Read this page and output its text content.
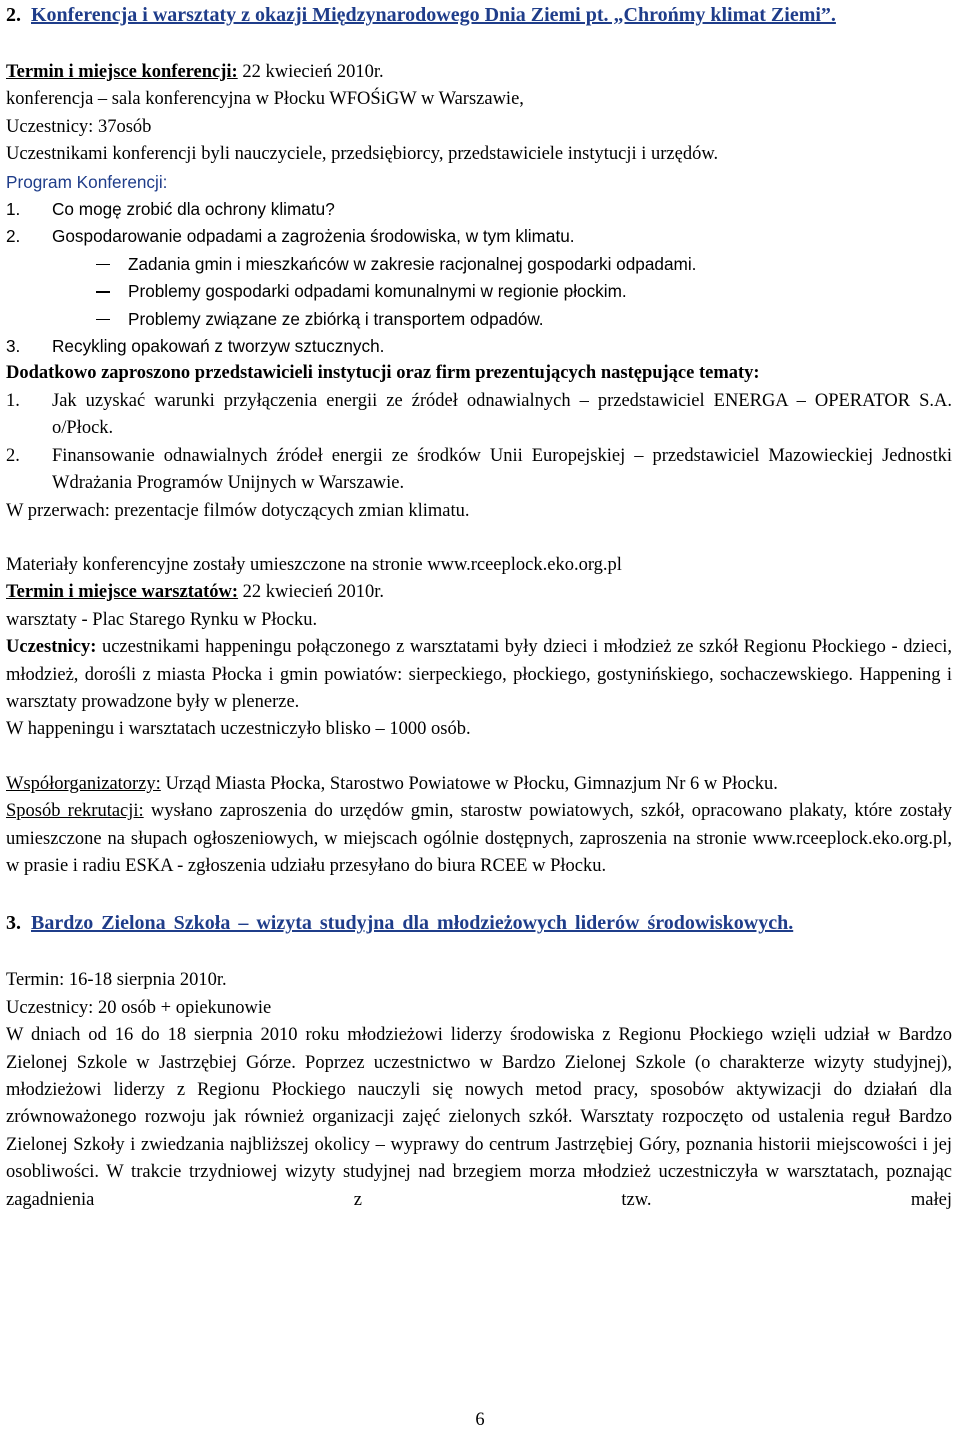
2. Konferencja i warsztaty z okazji Międzynarodowego Dnia Ziemi pt. „Chrońmy klimat Ziemi”.

Termin i miejsce konferencji: 22 kwiecień 2010r.

konferencja – sala konferencyjna w Płocku WFOŚiGW w Warszawie,

Uczestnicy: 37osób

Uczestnikami konferencji byli nauczyciele, przedsiębiorcy, przedstawiciele instytucji i urzędów.

Program Konferencji:

1. Co mogę zrobić dla ochrony klimatu?

2. Gospodarowanie odpadami a zagrożenia środowiska, w tym klimatu.

Zadania gmin i mieszkańców w zakresie racjonalnej gospodarki odpadami.

Problemy gospodarki odpadami komunalnymi w regionie płockim.

Problemy związane ze zbiórką i transportem odpadów.

3. Recykling opakowań z tworzyw sztucznych.

Dodatkowo zaproszono przedstawicieli instytucji oraz firm prezentujących następujące tematy:

1. Jak uzyskać warunki przyłączenia energii ze źródeł odnawialnych – przedstawiciel ENERGA – OPERATOR S.A. o/Płock.

2. Finansowanie odnawialnych źródeł energii ze środków Unii Europejskiej – przedstawiciel Mazowieckiej Jednostki Wdrażania Programów Unijnych w Warszawie.

W przerwach: prezentacje filmów dotyczących zmian klimatu.

Materiały konferencyjne zostały umieszczone na stronie www.rceeplock.eko.org.pl

Termin i miejsce warsztatów: 22 kwiecień 2010r.

warsztaty - Plac Starego Rynku w Płocku.

Uczestnicy: uczestnikami happeningu połączonego z warsztatami były dzieci i młodzież ze szkół Regionu Płockiego - dzieci, młodzież, dorośli z miasta Płocka i gmin powiatów: sierpeckiego, płockiego, gostynińskiego, sochaczewskiego. Happening i warsztaty prowadzone były w plenerze.

W happeningu i warsztatach uczestniczyło blisko – 1000 osób.

Współorganizatorzy: Urząd Miasta Płocka, Starostwo Powiatowe w Płocku, Gimnazjum Nr 6 w Płocku.

Sposób rekrutacji: wysłano zaproszenia do urzędów gmin, starostw powiatowych, szkół, opracowano plakaty, które zostały umieszczone na słupach ogłoszeniowych, w miejscach ogólnie dostępnych, zaproszenia na stronie www.rceeplock.eko.org.pl, w prasie i radiu ESKA - zgłoszenia udziału przesyłano do biura RCEE w Płocku.

3. Bardzo Zielona Szkoła – wizyta studyjna dla młodzieżowych liderów środowiskowych.

Termin: 16-18 sierpnia 2010r.

Uczestnicy: 20 osób + opiekunowie

W dniach od 16 do 18 sierpnia 2010 roku młodzieżowi liderzy środowiska z Regionu Płockiego wzięli udział w Bardzo Zielonej Szkole w Jastrzębiej Górze. Poprzez uczestnictwo w Bardzo Zielonej Szkole (o charakterze wizyty studyjnej), młodzieżowi liderzy z Regionu Płockiego nauczyli się nowych metod pracy, sposobów aktywizacji do działań dla zrównoważonego rozwoju jak również organizacji zajęć zielonych szkół. Warsztaty rozpoczęto od ustalenia reguł Bardzo Zielonej Szkoły i zwiedzania najbliższej okolicy – wyprawy do centrum Jastrzębiej Góry, poznania historii miejscowości i jej osobliwości. W trakcie trzydniowej wizyty studyjnej nad brzegiem morza młodzież uczestniczyła w warsztatach, poznając zagadnienia z tzw. małej

6
